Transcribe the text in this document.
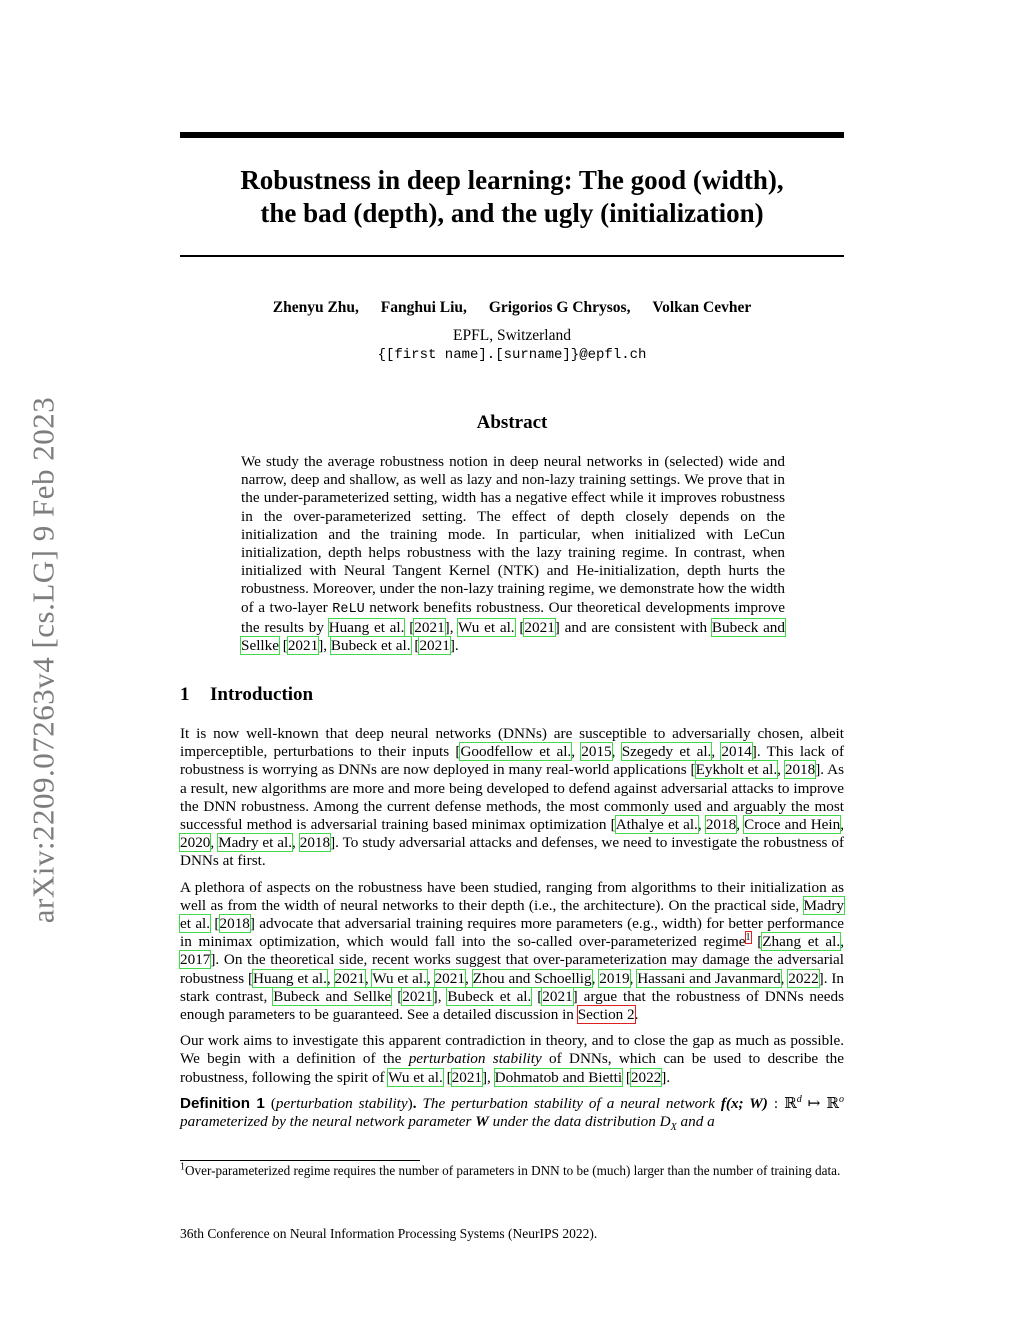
arXiv:2209.07263v4 [cs.LG] 9 Feb 2023
Robustness in deep learning: The good (width),
the bad (depth), and the ugly (initialization)
Zhenyu Zhu, Fanghui Liu, Grigorios G Chrysos, Volkan Cevher
EPFL, Switzerland
{[first name].[surname]}@epfl.ch
Abstract
We study the average robustness notion in deep neural networks in (selected) wide and narrow, deep and shallow, as well as lazy and non-lazy training settings. We prove that in the under-parameterized setting, width has a negative effect while it improves robustness in the over-parameterized setting. The effect of depth closely depends on the initialization and the training mode. In particular, when initialized with LeCun initialization, depth helps robustness with the lazy training regime. In contrast, when initialized with Neural Tangent Kernel (NTK) and He-initialization, depth hurts the robustness. Moreover, under the non-lazy training regime, we demonstrate how the width of a two-layer ReLU network benefits robustness. Our theoretical developments improve the results by Huang et al. [2021], Wu et al. [2021] and are consistent with Bubeck and Sellke [2021], Bubeck et al. [2021].
1 Introduction

It is now well-known that deep neural networks (DNNs) are susceptible to adversarially chosen, albeit imperceptible, perturbations to their inputs [Goodfellow et al., 2015, Szegedy et al., 2014]. This lack of robustness is worrying as DNNs are now deployed in many real-world applications [Eykholt et al., 2018]. As a result, new algorithms are more and more being developed to defend against adversarial attacks to improve the DNN robustness. Among the current defense methods, the most commonly used and arguably the most successful method is adversarial training based minimax optimization [Athalye et al., 2018, Croce and Hein, 2020, Madry et al., 2018]. To study adversarial attacks and defenses, we need to investigate the robustness of DNNs at first.

A plethora of aspects on the robustness have been studied, ranging from algorithms to their initialization as well as from the width of neural networks to their depth (i.e., the architecture). On the practical side, Madry et al. [2018] advocate that adversarial training requires more parameters (e.g., width) for better performance in minimax optimization, which would fall into the so-called over-parameterized regime$^1$ [Zhang et al., 2017]. On the theoretical side, recent works suggest that over-parameterization may damage the adversarial robustness [Huang et al., 2021, Wu et al., 2021, Zhou and Schoellig, 2019, Hassani and Javanmard, 2022]. In stark contrast, Bubeck and Sellke [2021], Bubeck et al. [2021] argue that the robustness of DNNs needs enough parameters to be guaranteed. See a detailed discussion in Section 2.

Our work aims to investigate this apparent contradiction in theory, and to close the gap as much as possible. We begin with a definition of the perturbation stability of DNNs, which can be used to describe the robustness, following the spirit of Wu et al. [2021], Dohmatob and Bietti [2022].

Definition 1 (perturbation stability). The perturbation stability of a neural network f(x; W) : ℝ$^d$ ↦ ℝ$^o$ parameterized by the neural network parameter W under the data distribution $D_X$ and a

$^1$Over-parameterized regime requires the number of parameters in DNN to be (much) larger than the number of training data.
36th Conference on Neural Information Processing Systems (NeurIPS 2022).
